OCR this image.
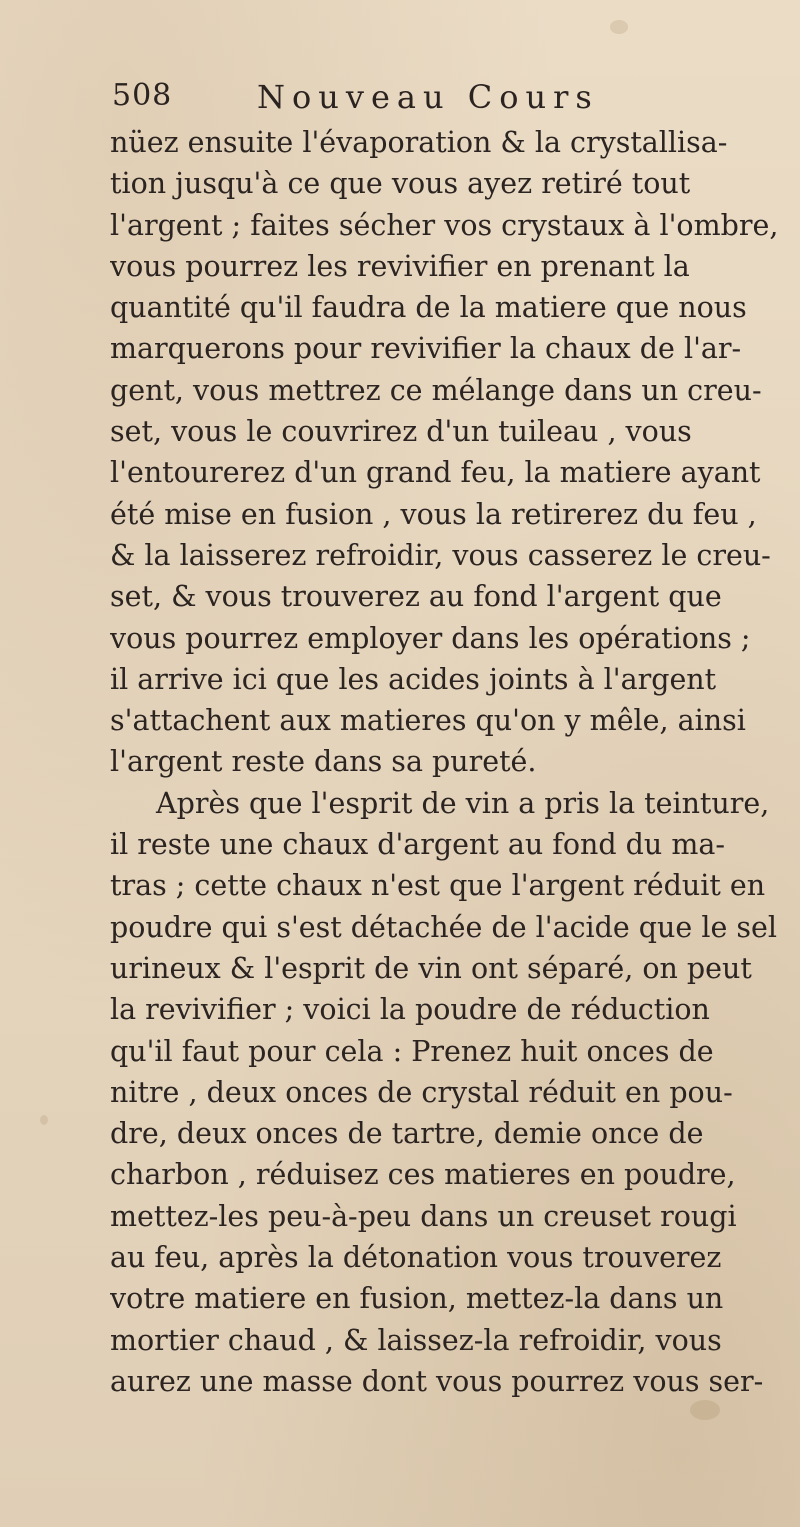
508	Nouveau Cours
nüez ensuite l'évaporation & la crystallisa-
tion jusqu'à ce que vous ayez retiré tout
l'argent ; faites sécher vos crystaux à l'ombre,
vous pourrez les revivifier en prenant la
quantité qu'il faudra de la matiere que nous
marquerons pour revivifier la chaux de l'ar-
gent, vous mettrez ce mélange dans un creu-
set, vous le couvrirez d'un tuileau , vous
l'entourerez d'un grand feu, la matiere ayant
été mise en fusion , vous la retirerez du feu ,
& la laisserez refroidir, vous casserez le creu-
set, & vous trouverez au fond l'argent que
vous pourrez employer dans les opérations ;
il arrive ici que les acides joints à l'argent
s'attachent aux matieres qu'on y mêle, ainsi
l'argent reste dans sa pureté.
Après que l'esprit de vin a pris la teinture,
il reste une chaux d'argent au fond du ma-
tras ; cette chaux n'est que l'argent réduit en
poudre qui s'est détachée de l'acide que le sel
urineux & l'esprit de vin ont séparé, on peut
la revivifier ; voici la poudre de réduction
qu'il faut pour cela : Prenez huit onces de
nitre , deux onces de crystal réduit en pou-
dre, deux onces de tartre, demie once de
charbon , réduisez ces matieres en poudre,
mettez-les peu-à-peu dans un creuset rougi
au feu, après la détonation vous trouverez
votre matiere en fusion, mettez-la dans un
mortier chaud , & laissez-la refroidir, vous
aurez une masse dont vous pourrez vous ser-
